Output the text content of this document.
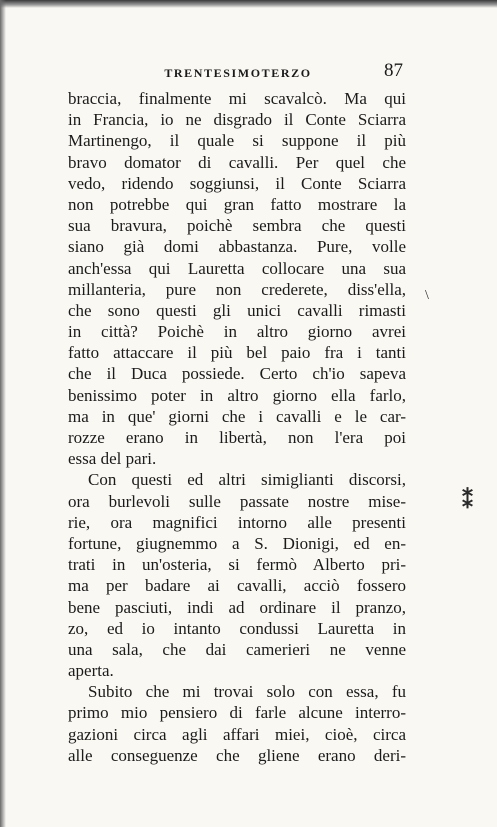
TRENTESIMOTERZO	87
braccia, finalmente mi scavalcò. Ma qui
in Francia, io ne disgrado il Conte Sciarra
Martinengo, il quale si suppone il più
bravo domator di cavalli. Per quel che
vedo, ridendo soggiunsi, il Conte Sciarra
non potrebbe qui gran fatto mostrare la
sua bravura, poichè sembra che questi
siano già domi abbastanza. Pure, volle
anch'essa qui Lauretta collocare una sua
millanteria, pure non crederete, diss'ella,
che sono questi gli unici cavalli rimasti
in città? Poichè in altro giorno avrei
fatto attaccare il più bel paio fra i tanti
che il Duca possiede. Certo ch'io sapeva
benissimo poter in altro giorno ella farlo,
ma in que' giorni che i cavalli e le car-
rozze erano in libertà, non l'era poi
essa del pari.
Con questi ed altri simiglianti discorsi,
ora burlevoli sulle passate nostre mise-
rie, ora magnifici intorno alle presenti
fortune, giugnemmo a S. Dionigi, ed en-
trati in un'osteria, si fermò Alberto pri-
ma per badare ai cavalli, acciò fossero
bene pasciuti, indi ad ordinare il pranzo,
zo, ed io intanto condussi Lauretta in
una sala, che dai camerieri ne venne
aperta.
Subito che mi trovai solo con essa, fu
primo mio pensiero di farle alcune interro-
gazioni circa agli affari miei, cioè, circa
alle conseguenze che gliene erano deri-
\
⁑
